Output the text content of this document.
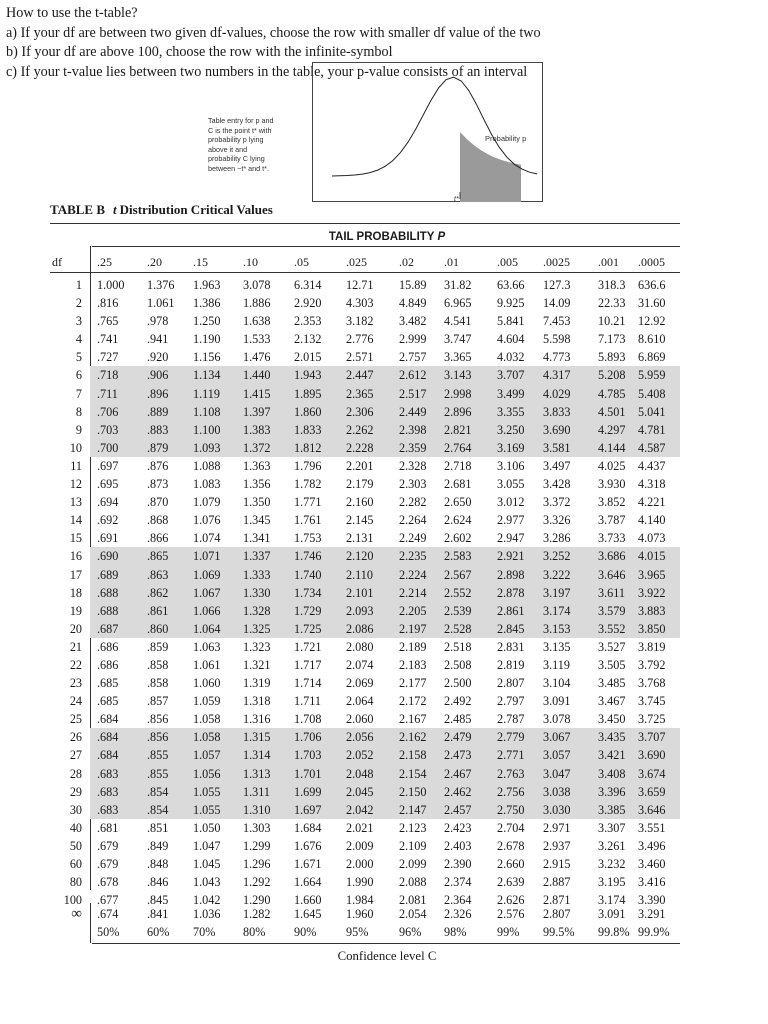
How to use the t-table?
a) If your df are between two given df-values, choose the row with smaller df value of the two
b) If your df are above 100, choose the row with the infinite-symbol
c) If your t-value lies between two numbers in the table, your p-value consists of an interval
Probability p
t*
Table entry for p and
C is the point t* with
probability p lying
above it and
probability C lying
between −t* and t*.
TABLE B t Distribution Critical Values
TAIL PROBABILITY P
Confidence level C
df	.25	.20	.15	.10	.05	.025	.02	.01	.005 .0025 .001 .0005
1 1.000 1.376 1.963 3.078 6.314 12.71 15.89 31.82 63.66 127.3 318.3 636.6
2 .816 1.061 1.386 1.886 2.920 4.303 4.849 6.965 9.925 14.09 22.33 31.60
3 .765 .978 1.250 1.638 2.353 3.182 3.482 4.541 5.841 7.453 10.21 12.92
4 .741 .941 1.190 1.533 2.132 2.776 2.999 3.747 4.604 5.598 7.173 8.610
5 .727 .920 1.156 1.476 2.015 2.571 2.757 3.365 4.032 4.773 5.893 6.869
6 .718 .906 1.134 1.440 1.943 2.447 2.612 3.143 3.707 4.317 5.208 5.959
7 .711 .896 1.119 1.415 1.895 2.365 2.517 2.998 3.499 4.029 4.785 5.408
8 .706 .889 1.108 1.397 1.860 2.306 2.449 2.896 3.355 3.833 4.501 5.041
9 .703 .883 1.100 1.383 1.833 2.262 2.398 2.821 3.250 3.690 4.297 4.781
10 .700 .879 1.093 1.372 1.812 2.228 2.359 2.764 3.169 3.581 4.144 4.587
11 .697 .876 1.088 1.363 1.796 2.201 2.328 2.718 3.106 3.497 4.025 4.437
12 .695 .873 1.083 1.356 1.782 2.179 2.303 2.681 3.055 3.428 3.930 4.318
13 .694 .870 1.079 1.350 1.771 2.160 2.282 2.650 3.012 3.372 3.852 4.221
14 .692 .868 1.076 1.345 1.761 2.145 2.264 2.624 2.977 3.326 3.787 4.140
15 .691 .866 1.074 1.341 1.753 2.131 2.249 2.602 2.947 3.286 3.733 4.073
16 .690 .865 1.071 1.337 1.746 2.120 2.235 2.583 2.921 3.252 3.686 4.015
17 .689 .863 1.069 1.333 1.740 2.110 2.224 2.567 2.898 3.222 3.646 3.965
18 .688 .862 1.067 1.330 1.734 2.101 2.214 2.552 2.878 3.197 3.611 3.922
19 .688 .861 1.066 1.328 1.729 2.093 2.205 2.539 2.861 3.174 3.579 3.883
20 .687 .860 1.064 1.325 1.725 2.086 2.197 2.528 2.845 3.153 3.552 3.850
21 .686 .859 1.063 1.323 1.721 2.080 2.189 2.518 2.831 3.135 3.527 3.819
22 .686 .858 1.061 1.321 1.717 2.074 2.183 2.508 2.819 3.119 3.505 3.792
23 .685 .858 1.060 1.319 1.714 2.069 2.177 2.500 2.807 3.104 3.485 3.768
24 .685 .857 1.059 1.318 1.711 2.064 2.172 2.492 2.797 3.091 3.467 3.745
25 .684 .856 1.058 1.316 1.708 2.060 2.167 2.485 2.787 3.078 3.450 3.725
26 .684 .856 1.058 1.315 1.706 2.056 2.162 2.479 2.779 3.067 3.435 3.707
27 .684 .855 1.057 1.314 1.703 2.052 2.158 2.473 2.771 3.057 3.421 3.690
28 .683 .855 1.056 1.313 1.701 2.048 2.154 2.467 2.763 3.047 3.408 3.674
29 .683 .854 1.055 1.311 1.699 2.045 2.150 2.462 2.756 3.038 3.396 3.659
30 .683 .854 1.055 1.310 1.697 2.042 2.147 2.457 2.750 3.030 3.385 3.646
40 .681 .851 1.050 1.303 1.684 2.021 2.123 2.423 2.704 2.971 3.307 3.551
50 .679 .849 1.047 1.299 1.676 2.009 2.109 2.403 2.678 2.937 3.261 3.496
60 .679 .848 1.045 1.296 1.671 2.000 2.099 2.390 2.660 2.915 3.232 3.460
80 .678 .846 1.043 1.292 1.664 1.990 2.088 2.374 2.639 2.887 3.195 3.416
100 .677 .845 1.042 1.290 1.660 1.984 2.081 2.364 2.626 2.871 3.174 3.390
∞ .674 .841 1.036 1.282 1.645 1.960 2.054 2.326 2.576 2.807 3.091 3.291
50% 60% 70% 80% 90% 95%	96% 98%	99% 99.5% 99.8% 99.9%
